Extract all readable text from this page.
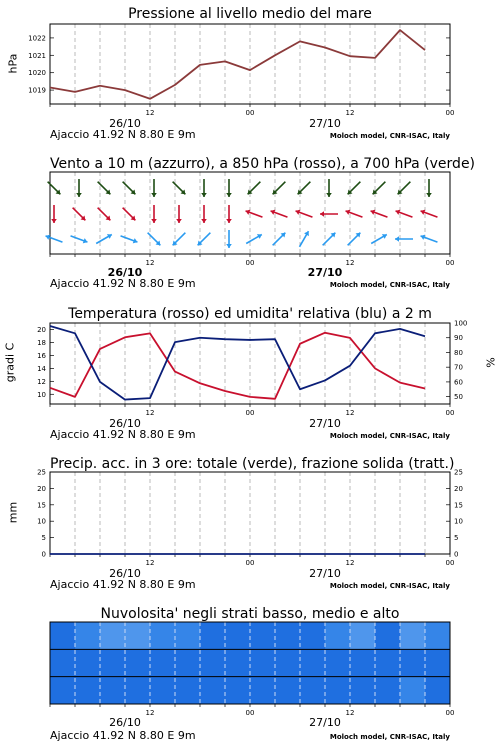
Pressione al livello medio del mare
hPa
12	00	12	00
1019
1020
1021
1022
26/10	27/10
Ajaccio 41.92 N 8.80 E 9m	Moloch model, CNR-ISAC, Italy
Vento a 10 m (azzurro), a 850 hPa (rosso), a 700 hPa (verde)
12	00	12	00
26/10	27/10
Ajaccio 41.92 N 8.80 E 9m	Moloch model, CNR-ISAC, Italy
Temperatura (rosso) ed umidita' relativa (blu) a 2 m
gradi C	%
12	00	12	00
10
12
14
16
18
20
50
60
70
80
90
100
26/10	27/10
Ajaccio 41.92 N 8.80 E 9m	Moloch model, CNR-ISAC, Italy
Precip. acc. in 3 ore: totale (verde), frazione solida (tratt.)
mm
12	00	12	00
0	0
5	5
10	10
15	15
20	20
25	25
26/10	27/10
Ajaccio 41.92 N 8.80 E 9m	Moloch model, CNR-ISAC, Italy
Nuvolosita' negli strati basso, medio e alto
12	00	12	00
26/10	27/10
Ajaccio 41.92 N 8.80 E 9m	Moloch model, CNR-ISAC, Italy
